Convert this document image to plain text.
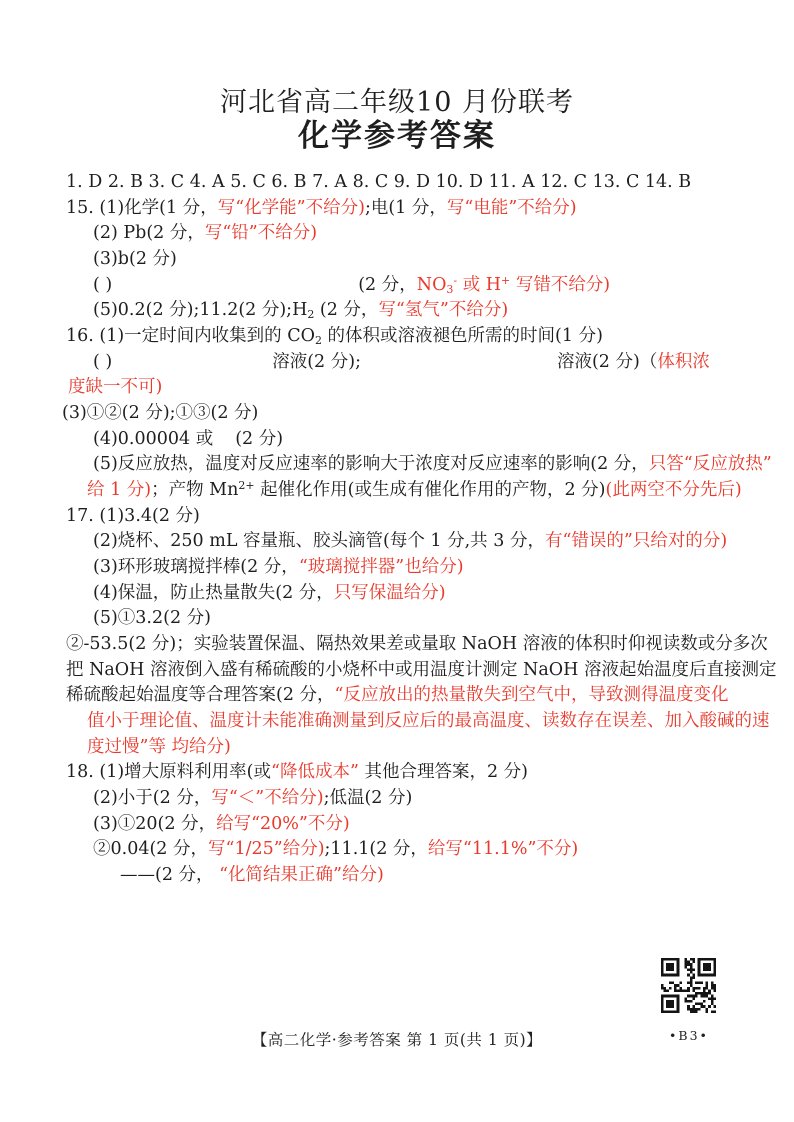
河北省高二年级10 月份联考
化学参考答案
1. D 2. B 3. C 4. A 5. C 6. B 7. A 8. C 9. D 10. D 11. A 12. C 13. C 14. B
15. (1)化学(1 分，写“化学能”不给分);电(1 分，写“电能”不给分)
(2) Pb(2 分，写“铅”不给分)
(3)b(2 分)
( )	(2 分，$NO_3^-$ 或 H+ 写错不给分)
(5)0.2(2 分);11.2(2 分)$;H_2$ (2 分，写“氢气”不给分)
16. (1)一定时间内收集到的 $CO_2$ 的体积或溶液褪色所需的时间(1 分)
( )	溶液(2 分);	溶液(2 分)（体积浓
度缺一不可)
(3)①②(2 分);①③(2 分)
(4)0.00004 或 (2 分)
(5)反应放热，温度对反应速率的影响大于浓度对反应速率的影响(2 分，只答“反应放热”
给 1 分)；产物 $Mn^{2+}$ 起催化作用(或生成有催化作用的产物，2 分)(此两空不分先后)
17. (1)3.4(2 分)
(2)烧杯、250 mL 容量瓶、胶头滴管(每个 1 分,共 3 分，有“错误的”只给对的分)
(3)环形玻璃搅拌棒(2 分，“玻璃搅拌器”也给分)
(4)保温，防止热量散失(2 分，只写保温给分)
(5)①3.2(2 分)
②-53.5(2 分)；实验装置保温、隔热效果差或量取 NaOH 溶液的体积时仰视读数或分多次
把 NaOH 溶液倒入盛有稀硫酸的小烧杯中或用温度计测定 NaOH 溶液起始温度后直接测定
稀硫酸起始温度等合理答案(2 分，“反应放出的热量散失到空气中，导致测得温度变化
值小于理论值、温度计未能准确测量到反应后的最高温度、读数存在误差、加入酸碱的速
度过慢”等 均给分)
18. (1)增大原料利用率(或“降低成本” 其他合理答案，2 分)
(2)小于(2 分，写“＜”不给分);低温(2 分)
(3)①20(2 分，给写“20%”不分)
②0.04(2 分，写“1/25”给分);11.1(2 分，给写“11.1%”不分)
——(2 分， “化简结果正确”给分)
•B3•
【高二化学·参考答案 第 1 页(共 1 页)】
